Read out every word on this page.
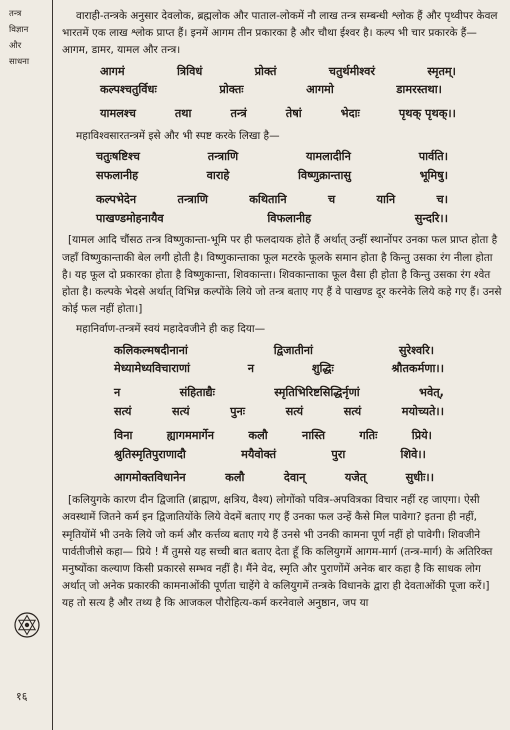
तन्त्र
विज्ञान
और
साधना
१६

वाराही-तन्त्रके अनुसार देवलोक, ब्रह्मलोक और पाताल-लोकमें नौ लाख तन्त्र सम्बन्धी श्लोक हैं और पृथ्वीपर केवल भारतमें एक लाख श्लोक प्राप्त हैं। इनमें आगम तीन प्रकारका है और चौथा ईश्वर है। कल्प भी चार प्रकारके हैं—आगम, डामर, यामल और तन्त्र।

आगमं	त्रिविधं	प्रोक्तं	चतुर्थमीश्वरं	स्मृतम्।
कल्पश्चतुर्विधः	प्रोक्तः	आगमो	डामरस्तथा।
यामलश्च	तथा	तन्त्रं	तेषां	भेदाः	पृथक् पृथक्।।

महाविश्वसारतन्त्रमें इसे और भी स्पष्ट करके लिखा है—

चतुःषष्टिश्च	तन्त्राणि	यामलादीनि	पार्वति।
सफलानीह	वाराहे	विष्णुक्रान्तासु	भूमिषु।
कल्पभेदेन	तन्त्राणि	कथितानि	च	यानि	च।
पाखण्डमोहनायैव	विफलानीह	सुन्दरि।।

[यामल आदि चौंसठ तन्त्र विष्णुकान्ता-भूमि पर ही फलदायक होते हैं अर्थात् उन्हीं स्थानोंपर उनका फल प्राप्त होता है जहाँ विष्णुकान्ताकी बेल लगी होती है। विष्णुकान्ताका फूल मटरके फूलके समान होता है किन्तु उसका रंग नीला होता है। यह फूल दो प्रकारका होता है विष्णुकान्ता, शिवकान्ता। शिवकान्ताका फूल वैसा ही होता है किन्तु उसका रंग श्वेत होता है। कल्पके भेदसे अर्थात् विभिन्न कल्पोंके लिये जो तन्त्र बताए गए हैं वे पाखण्ड दूर करनेके लिये कहे गए हैं। उनसे कोई फल नहीं होता।]

महानिर्वाण-तन्त्रमें स्वयं महादेवजीने ही कह दिया—

कलिकल्मषदीनानां	द्विजातीनां	सुरेश्वरि।
मेध्यामेध्यविचाराणां	न	शुद्धिः	श्रौतकर्मणा।।
न	संहिताद्यैः	स्मृतिभिरिष्टसिद्धिर्नृणां	भवेत्,
सत्यं	सत्यं	पुनः	सत्यं	सत्यं	मयोच्यते।।
विना	ह्यागममार्गेन	कलौ	नास्ति	गतिः	प्रिये।
श्रुतिस्मृतिपुराणादौ	मयैवोक्तं	पुरा	शिवे।।
आगमोक्तविधानेन	कलौ	देवान्	यजेत्	सुधीः।।

[कलियुगके कारण दीन द्विजाति (ब्राह्मण, क्षत्रिय, वैश्य) लोगोंको पवित्र-अपवित्रका विचार नहीं रह जाएगा। ऐसी अवस्थामें जितने कर्म इन द्विजातियोंके लिये वेदमें बताए गए हैं उनका फल उन्हें कैसे मिल पावेगा? इतना ही नहीं, स्मृतियोंमें भी उनके लिये जो कर्म और कर्त्तव्य बताए गये हैं उनसे भी उनकी कामना पूर्ण नहीं हो पावेगी। शिवजीने पार्वतीजीसे कहा— प्रिये ! मैं तुमसे यह सच्ची बात बताए देता हूँ कि कलियुगमें आगम-मार्ग (तन्त्र-मार्ग) के अतिरिक्त मनुष्योंका कल्याण किसी प्रकारसे सम्भव नहीं है। मैंने वेद, स्मृति और पुराणोंमें अनेक बार कहा है कि साधक लोग अर्थात् जो अनेक प्रकारकी कामनाओंकी पूर्णता चाहेंगे वे कलियुगमें तन्त्रके विधानके द्वारा ही देवताओंकी पूजा करें।] यह तो सत्य है और तथ्य है कि आजकल पौरोहित्य-कर्म करनेवाले अनुष्ठान, जप या
